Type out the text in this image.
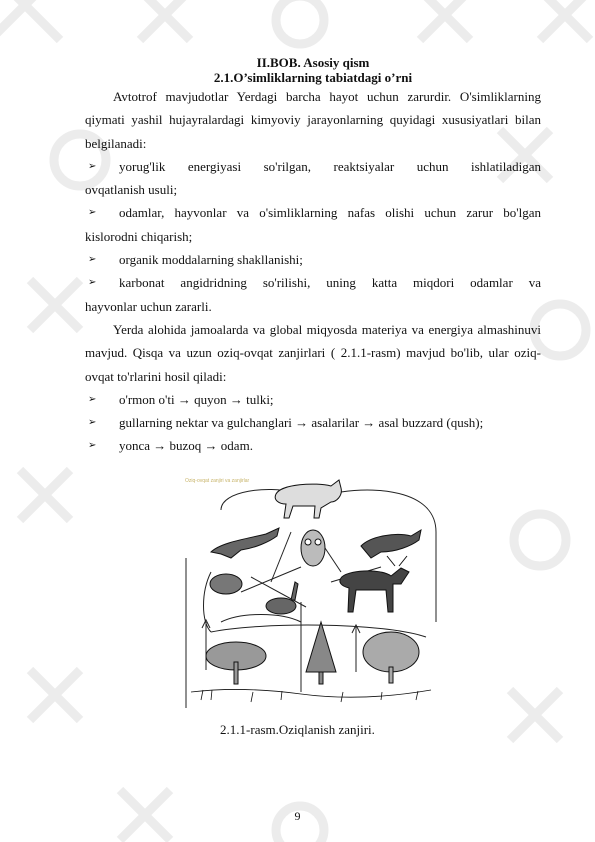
II.BOB. Asosiy qism
2.1.O’simliklarning tabiatdagi o’rni

Avtotrof mavjudotlar Yerdagi barcha hayot uchun zarurdir. O'simliklarning qiymati yashil hujayralardagi kimyoviy jarayonlarning quyidagi xususiyatlari bilan belgilanadi:

➢	yorug'lik energiyasi so'rilgan, reaktsiyalar uchun ishlatiladigan
ovqatlanish usuli;
➢	odamlar, hayvonlar va o'simliklarning nafas olishi uchun zarur bo'lgan
kislorodni chiqarish;
➢	organik moddalarning shakllanishi;
➢	karbonat angidridning so'rilishi, uning katta miqdori odamlar va
hayvonlar uchun zararli.

Yerda alohida jamoalarda va global miqyosda materiya va energiya almashinuvi mavjud. Qisqa va uzun oziq-ovqat zanjirlari ( 2.1.1-rasm) mavjud bo'lib, ular oziq-ovqat to'rlarini hosil qiladi:

➢	o'rmon o'ti → quyon → tulki;
➢	gullarning nektar va gulchanglari → asalarilar → asal buzzard (qush);
➢	yonca → buzoq → odam.
Oziq-ovqat zanjiri va zanjirlar
2.1.1-rasm.Oziqlanish zanjiri.
9
